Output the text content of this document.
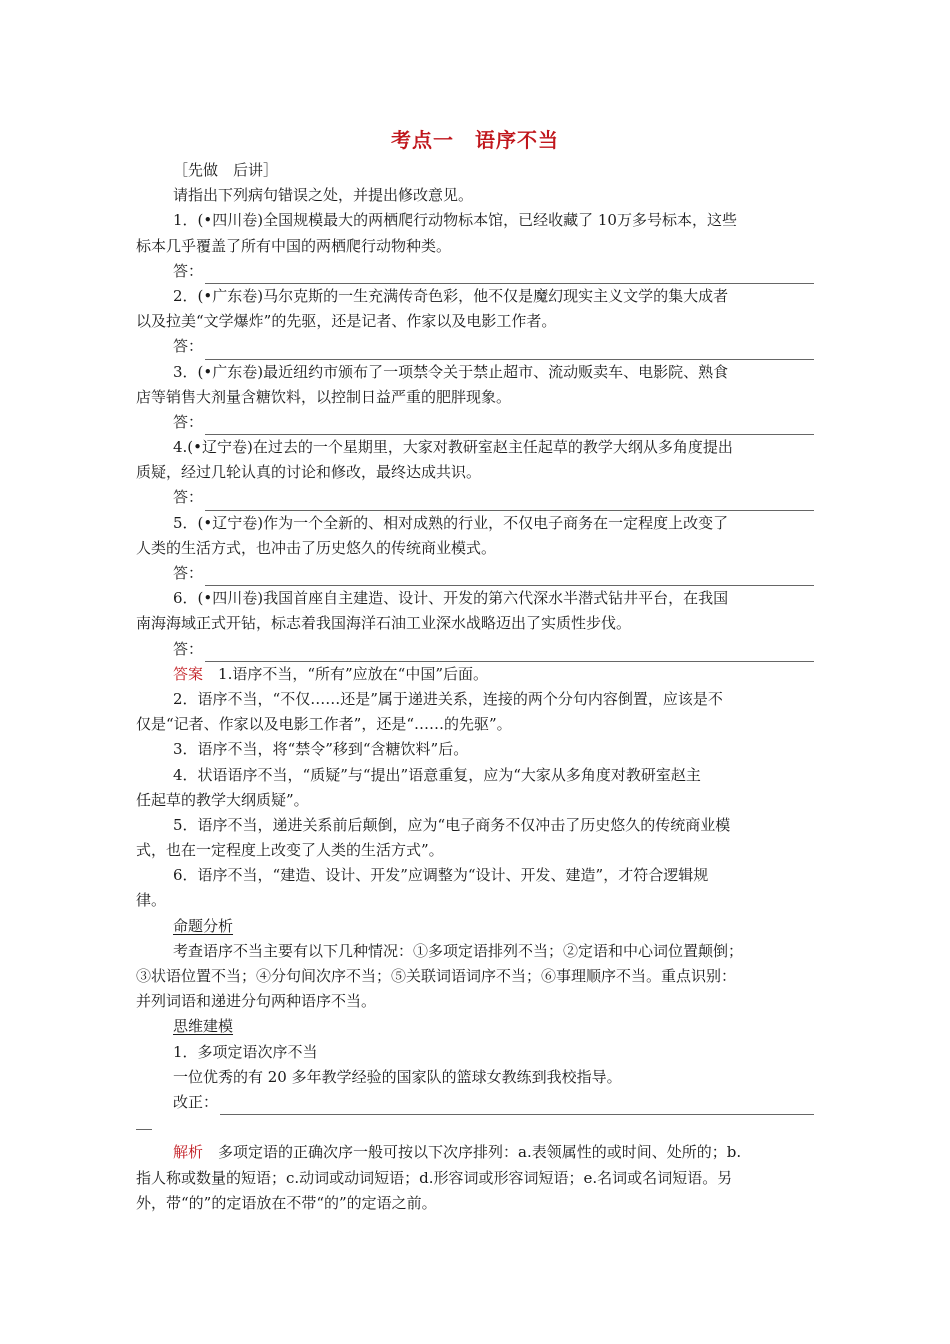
考点一　语序不当
［先做　后讲］
请指出下列病句错误之处，并提出修改意见。
1．(•四川卷)全国规模最大的两栖爬行动物标本馆，已经收藏了 10万多号标本，这些
标本几乎覆盖了所有中国的两栖爬行动物种类。
答：
2．(•广东卷)马尔克斯的一生充满传奇色彩，他不仅是魔幻现实主义文学的集大成者
以及拉美“文学爆炸”的先驱，还是记者、作家以及电影工作者。
答：
3．(•广东卷)最近纽约市颁布了一项禁令关于禁止超市、流动贩卖车、电影院、熟食
店等销售大剂量含糖饮料，以控制日益严重的肥胖现象。
答：
4.(•辽宁卷)在过去的一个星期里，大家对教研室赵主任起草的教学大纲从多角度提出
质疑，经过几轮认真的讨论和修改，最终达成共识。
答：
5．(•辽宁卷)作为一个全新的、相对成熟的行业，不仅电子商务在一定程度上改变了
人类的生活方式，也冲击了历史悠久的传统商业模式。
答：
6．(•四川卷)我国首座自主建造、设计、开发的第六代深水半潜式钻井平台，在我国
南海海域正式开钻，标志着我国海洋石油工业深水战略迈出了实质性步伐。
答：
答案　 1.语序不当，“所有”应放在“中国”后面。
2．语序不当，“不仅……还是”属于递进关系，连接的两个分句内容倒置，应该是不
仅是“记者、作家以及电影工作者”，还是“……的先驱”。
3．语序不当，将“禁令”移到“含糖饮料”后。
4．状语语序不当，“质疑”与“提出”语意重复，应为“大家从多角度对教研室赵主
任起草的教学大纲质疑”。
5．语序不当，递进关系前后颠倒，应为“电子商务不仅冲击了历史悠久的传统商业模
式，也在一定程度上改变了人类的生活方式”。
6．语序不当，“建造、设计、开发”应调整为“设计、开发、建造”，才符合逻辑规
律。
命题分析
考查语序不当主要有以下几种情况：①多项定语排列不当；②定语和中心词位置颠倒；
③状语位置不当；④分句间次序不当；⑤关联词语词序不当；⑥事理顺序不当。重点识别：
并列词语和递进分句两种语序不当。
思维建模
1．多项定语次序不当
一位优秀的有 20 多年教学经验的国家队的篮球女教练到我校指导。
改正：
解析　多项定语的正确次序一般可按以下次序排列：a.表领属性的或时间、处所的；b.
指人称或数量的短语；c.动词或动词短语；d.形容词或形容词短语；e.名词或名词短语。另
外，带“的”的定语放在不带“的”的定语之前。
